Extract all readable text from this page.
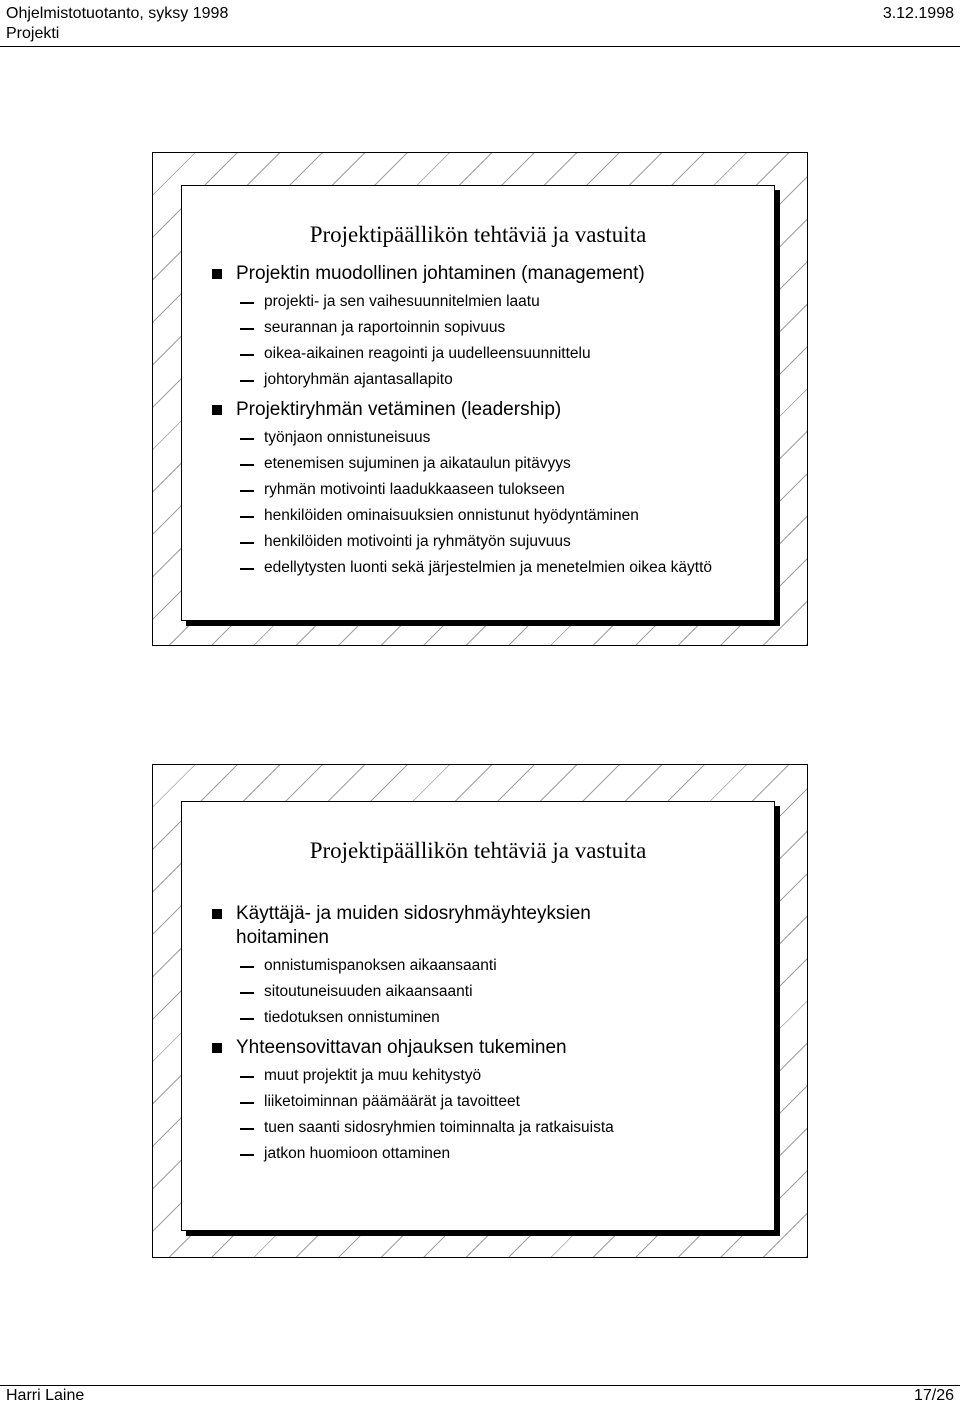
Ohjelmistotuotanto, syksy 1998	3.12.1998
Projekti
Projektipäällikön tehtäviä ja vastuita
Projektin muodollinen johtaminen (management)
projekti- ja sen vaihesuunnitelmien laatu
seurannan ja raportoinnin sopivuus
oikea-aikainen reagointi ja uudelleensuunnittelu
johtoryhmän ajantasallapito
Projektiryhmän vetäminen (leadership)
työnjaon onnistuneisuus
etenemisen sujuminen ja aikataulun pitävyys
ryhmän motivointi laadukkaaseen tulokseen
henkilöiden ominaisuuksien onnistunut hyödyntäminen
henkilöiden motivointi ja ryhmätyön sujuvuus
edellytysten luonti sekä järjestelmien ja menetelmien oikea käyttö
Projektipäällikön tehtäviä ja vastuita
Käyttäjä- ja muiden sidosryhmäyhteyksien hoitaminen
onnistumispanoksen aikaansaanti
sitoutuneisuuden aikaansaanti
tiedotuksen onnistuminen
Yhteensovittavan ohjauksen tukeminen
muut projektit ja muu kehitystyö
liiketoiminnan päämäärät ja tavoitteet
tuen saanti sidosryhmien toiminnalta ja ratkaisuista
jatkon huomioon ottaminen
Harri Laine	17/26
